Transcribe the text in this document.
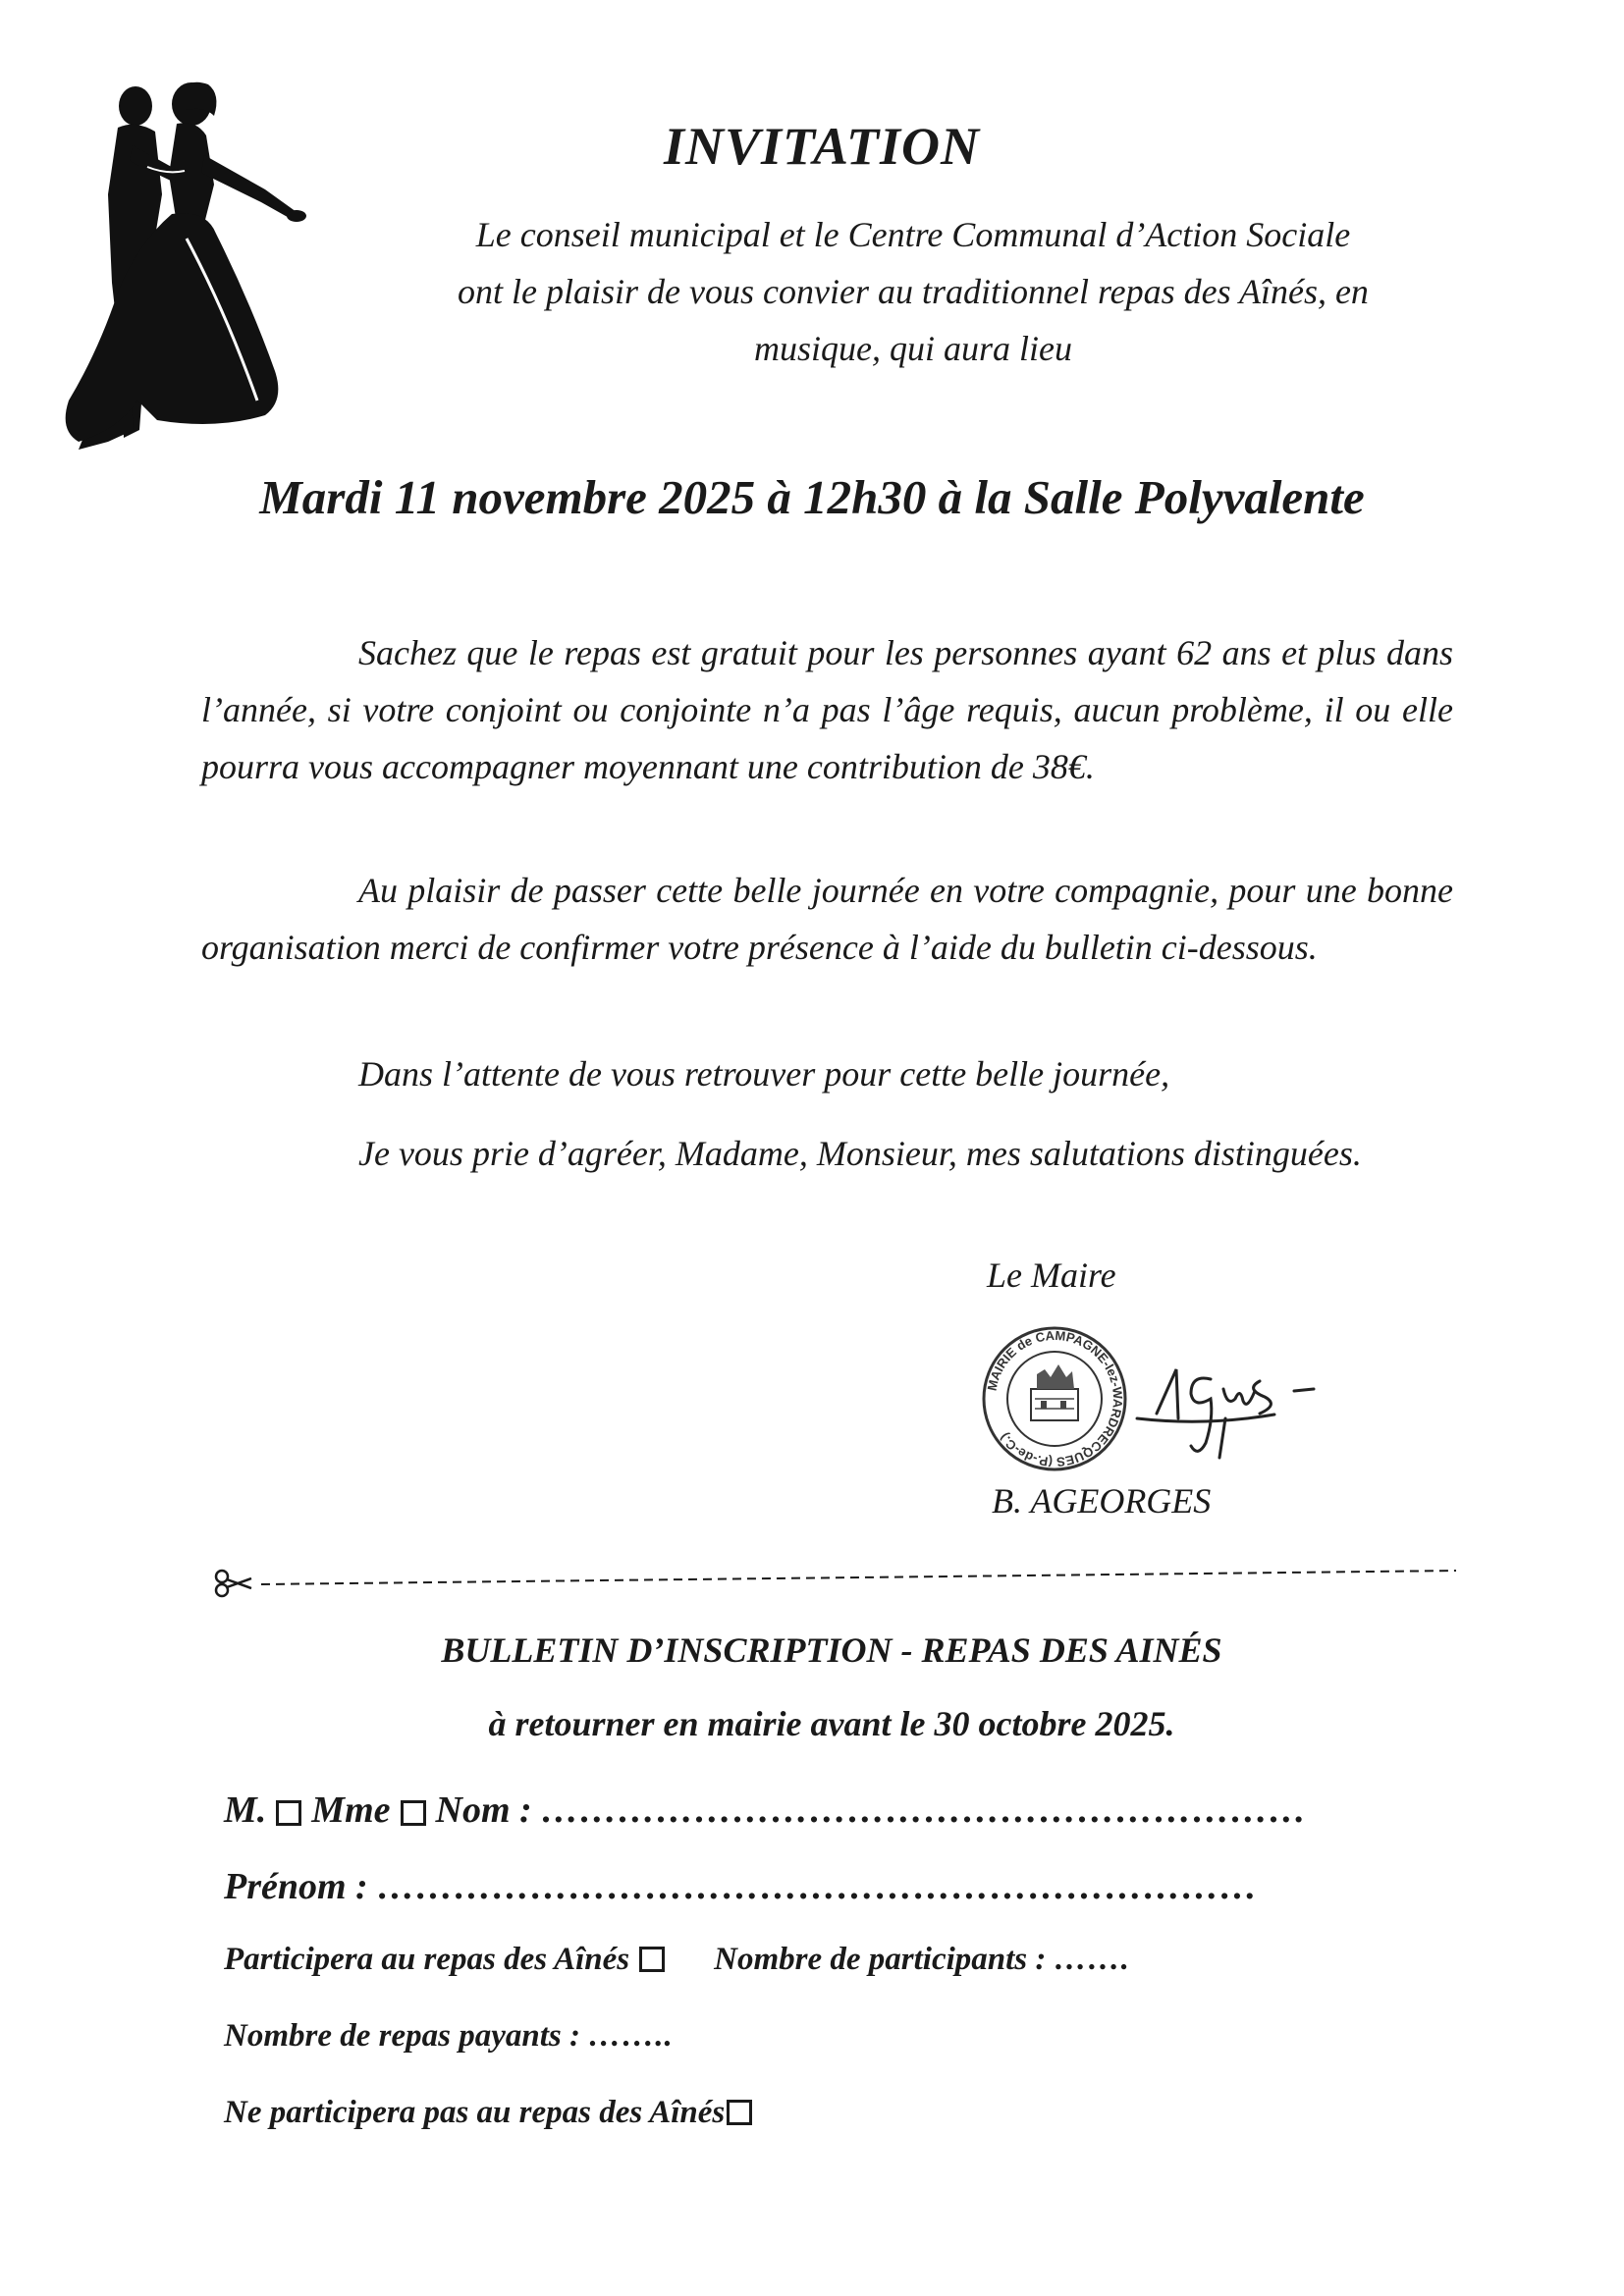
INVITATION
Le conseil municipal et le Centre Communal d’Action Sociale
ont le plaisir de vous convier au traditionnel repas des Aînés, en
musique, qui aura lieu
Mardi 11 novembre 2025 à 12h30 à la Salle Polyvalente
Sachez que le repas est gratuit pour les personnes ayant 62 ans et plus dans l’année, si votre conjoint ou conjointe n’a pas l’âge requis, aucun problème, il ou elle pourra vous accompagner moyennant une contribution de 38€.
Au plaisir de passer cette belle journée en votre compagnie, pour une bonne organisation merci de confirmer votre présence à l’aide du bulletin ci-dessous.
Dans l’attente de vous retrouver pour cette belle journée,
Je vous prie d’agréer, Madame, Monsieur, mes salutations distinguées.
Le Maire
MAIRIE de CAMPAGNE-lez-WARDRECQUES (P.-de-C.)
B. AGEORGES
BULLETIN D’INSCRIPTION - REPAS DES AINÉS
à retourner en mairie avant le 30 octobre 2025.
M. Mme Nom :
……………………………………………………
Prénom :
……………………………………………………………
Participera au repas des Aînés	Nombre de participants :
…….
Nombre de repas payants :
……..
Ne participera pas au repas des Aînés
